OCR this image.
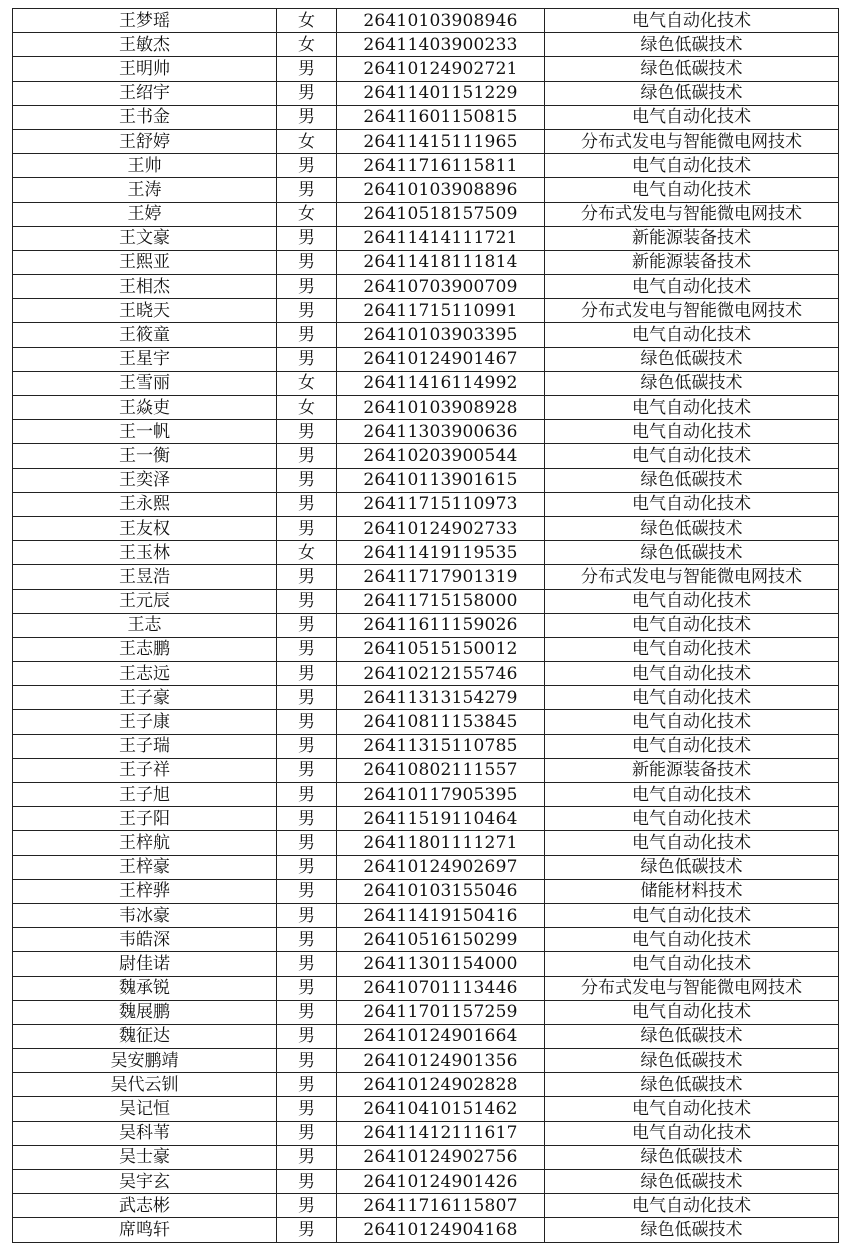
王梦瑶	女	26410103908946	电气自动化技术
王敏杰	女	26411403900233	绿色低碳技术
王明帅	男	26410124902721	绿色低碳技术
王绍宇	男	26411401151229	绿色低碳技术
王书金	男	26411601150815	电气自动化技术
王舒婷	女	26411415111965	分布式发电与智能微电网技术
王帅	男	26411716115811	电气自动化技术
王涛	男	26410103908896	电气自动化技术
王婷	女	26410518157509	分布式发电与智能微电网技术
王文豪	男	26411414111721	新能源装备技术
王熙亚	男	26411418111814	新能源装备技术
王相杰	男	26410703900709	电气自动化技术
王晓天	男	26411715110991	分布式发电与智能微电网技术
王筱童	男	26410103903395	电气自动化技术
王星宇	男	26410124901467	绿色低碳技术
王雪丽	女	26411416114992	绿色低碳技术
王焱吏	女	26410103908928	电气自动化技术
王一帆	男	26411303900636	电气自动化技术
王一衡	男	26410203900544	电气自动化技术
王奕泽	男	26410113901615	绿色低碳技术
王永熙	男	26411715110973	电气自动化技术
王友权	男	26410124902733	绿色低碳技术
王玉林	女	26411419119535	绿色低碳技术
王昱浩	男	26411717901319	分布式发电与智能微电网技术
王元辰	男	26411715158000	电气自动化技术
王志	男	26411611159026	电气自动化技术
王志鹏	男	26410515150012	电气自动化技术
王志远	男	26410212155746	电气自动化技术
王子豪	男	26411313154279	电气自动化技术
王子康	男	26410811153845	电气自动化技术
王子瑞	男	26411315110785	电气自动化技术
王子祥	男	26410802111557	新能源装备技术
王子旭	男	26410117905395	电气自动化技术
王子阳	男	26411519110464	电气自动化技术
王梓航	男	26411801111271	电气自动化技术
王梓豪	男	26410124902697	绿色低碳技术
王梓骅	男	26410103155046	储能材料技术
韦冰豪	男	26411419150416	电气自动化技术
韦皓深	男	26410516150299	电气自动化技术
尉佳诺	男	26411301154000	电气自动化技术
魏承锐	男	26410701113446	分布式发电与智能微电网技术
魏展鹏	男	26411701157259	电气自动化技术
魏征达	男	26410124901664	绿色低碳技术
吴安鹏靖	男	26410124901356	绿色低碳技术
吴代云钏	男	26410124902828	绿色低碳技术
吴记恒	男	26410410151462	电气自动化技术
吴科苇	男	26411412111617	电气自动化技术
吴士豪	男	26410124902756	绿色低碳技术
吴宇玄	男	26410124901426	绿色低碳技术
武志彬	男	26411716115807	电气自动化技术
席鸣轩	男	26410124904168	绿色低碳技术
